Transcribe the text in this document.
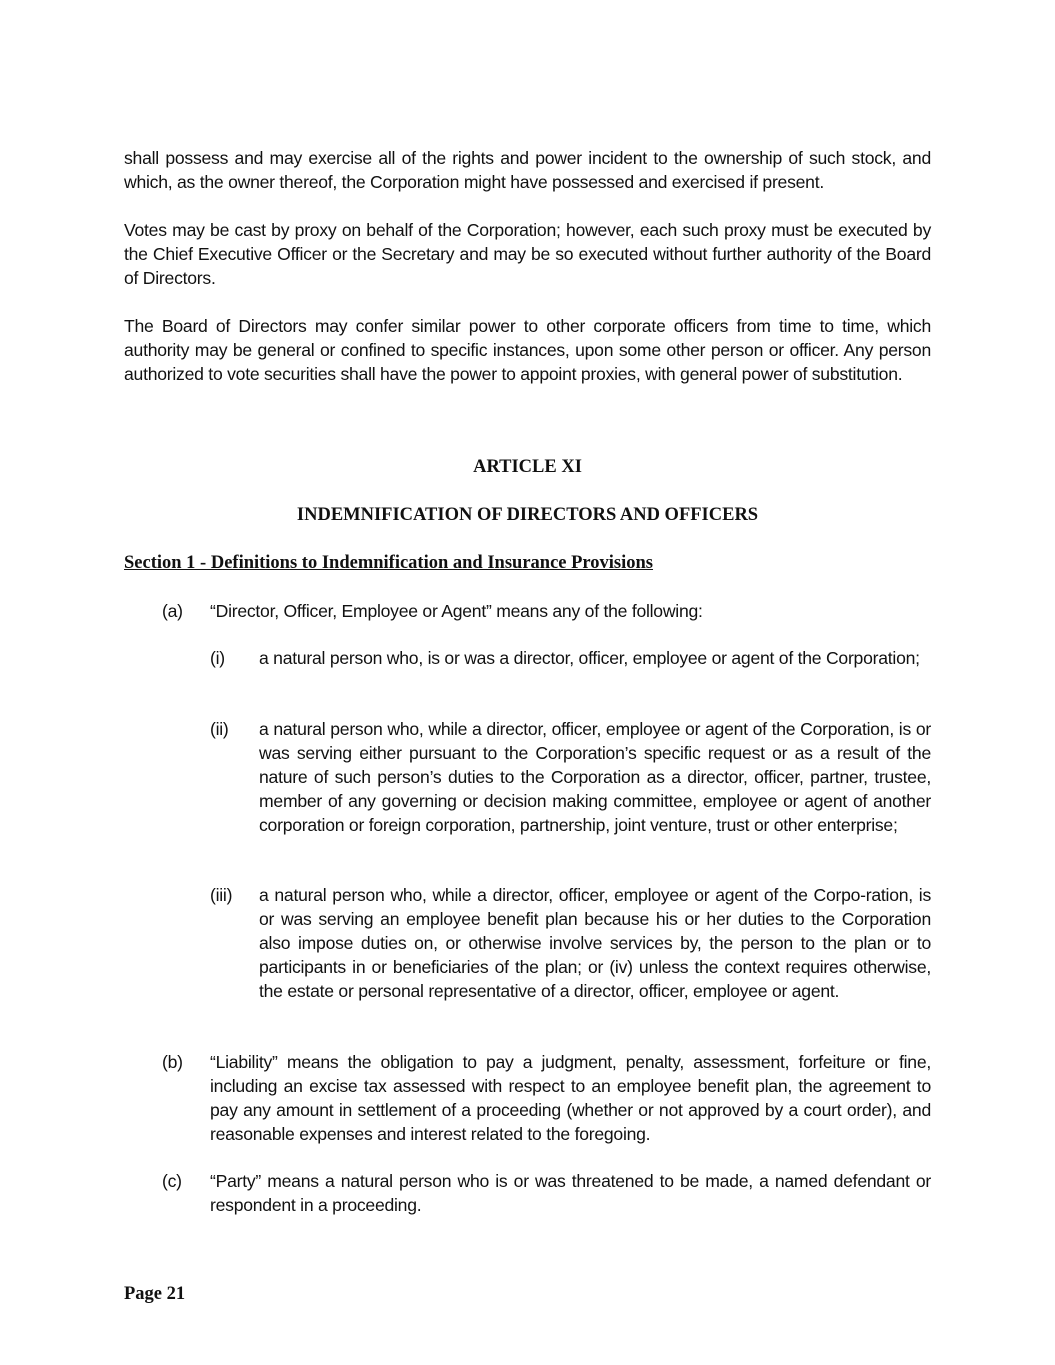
shall possess and may exercise all of the rights and power incident to the ownership of such stock, and which, as the owner thereof, the Corporation might have possessed and exercised if present.

Votes may be cast by proxy on behalf of the Corporation; however, each such proxy must be executed by the Chief Executive Officer or the Secretary and may be so executed without further authority of the Board of Directors.

The Board of Directors may confer similar power to other corporate officers from time to time, which authority may be general or confined to specific instances, upon some other person or officer. Any person authorized to vote securities shall have the power to appoint proxies, with general power of substitution.

ARTICLE XI
INDEMNIFICATION OF DIRECTORS AND OFFICERS
Section 1 - Definitions to Indemnification and Insurance Provisions
(a) “Director, Officer, Employee or Agent” means any of the following:
(i) a natural person who, is or was a director, officer, employee or agent of the Corporation;
(ii) a natural person who, while a director, officer, employee or agent of the Corporation, is or was serving either pursuant to the Corporation’s specific request or as a result of the nature of such person’s duties to the Corporation as a director, officer, partner, trustee, member of any governing or decision making committee, employee or agent of another corporation or foreign corporation, partnership, joint venture, trust or other enterprise;
(iii) a natural person who, while a director, officer, employee or agent of the Corpo-ration, is or was serving an employee benefit plan because his or her duties to the Corporation also impose duties on, or otherwise involve services by, the person to the plan or to participants in or beneficiaries of the plan; or (iv) unless the context requires otherwise, the estate or personal representative of a director, officer, employee or agent.
(b) “Liability” means the obligation to pay a judgment, penalty, assessment, forfeiture or fine, including an excise tax assessed with respect to an employee benefit plan, the agreement to pay any amount in settlement of a proceeding (whether or not approved by a court order), and reasonable expenses and interest related to the foregoing.
(c) “Party” means a natural person who is or was threatened to be made, a named defendant or respondent in a proceeding.

Page 21
